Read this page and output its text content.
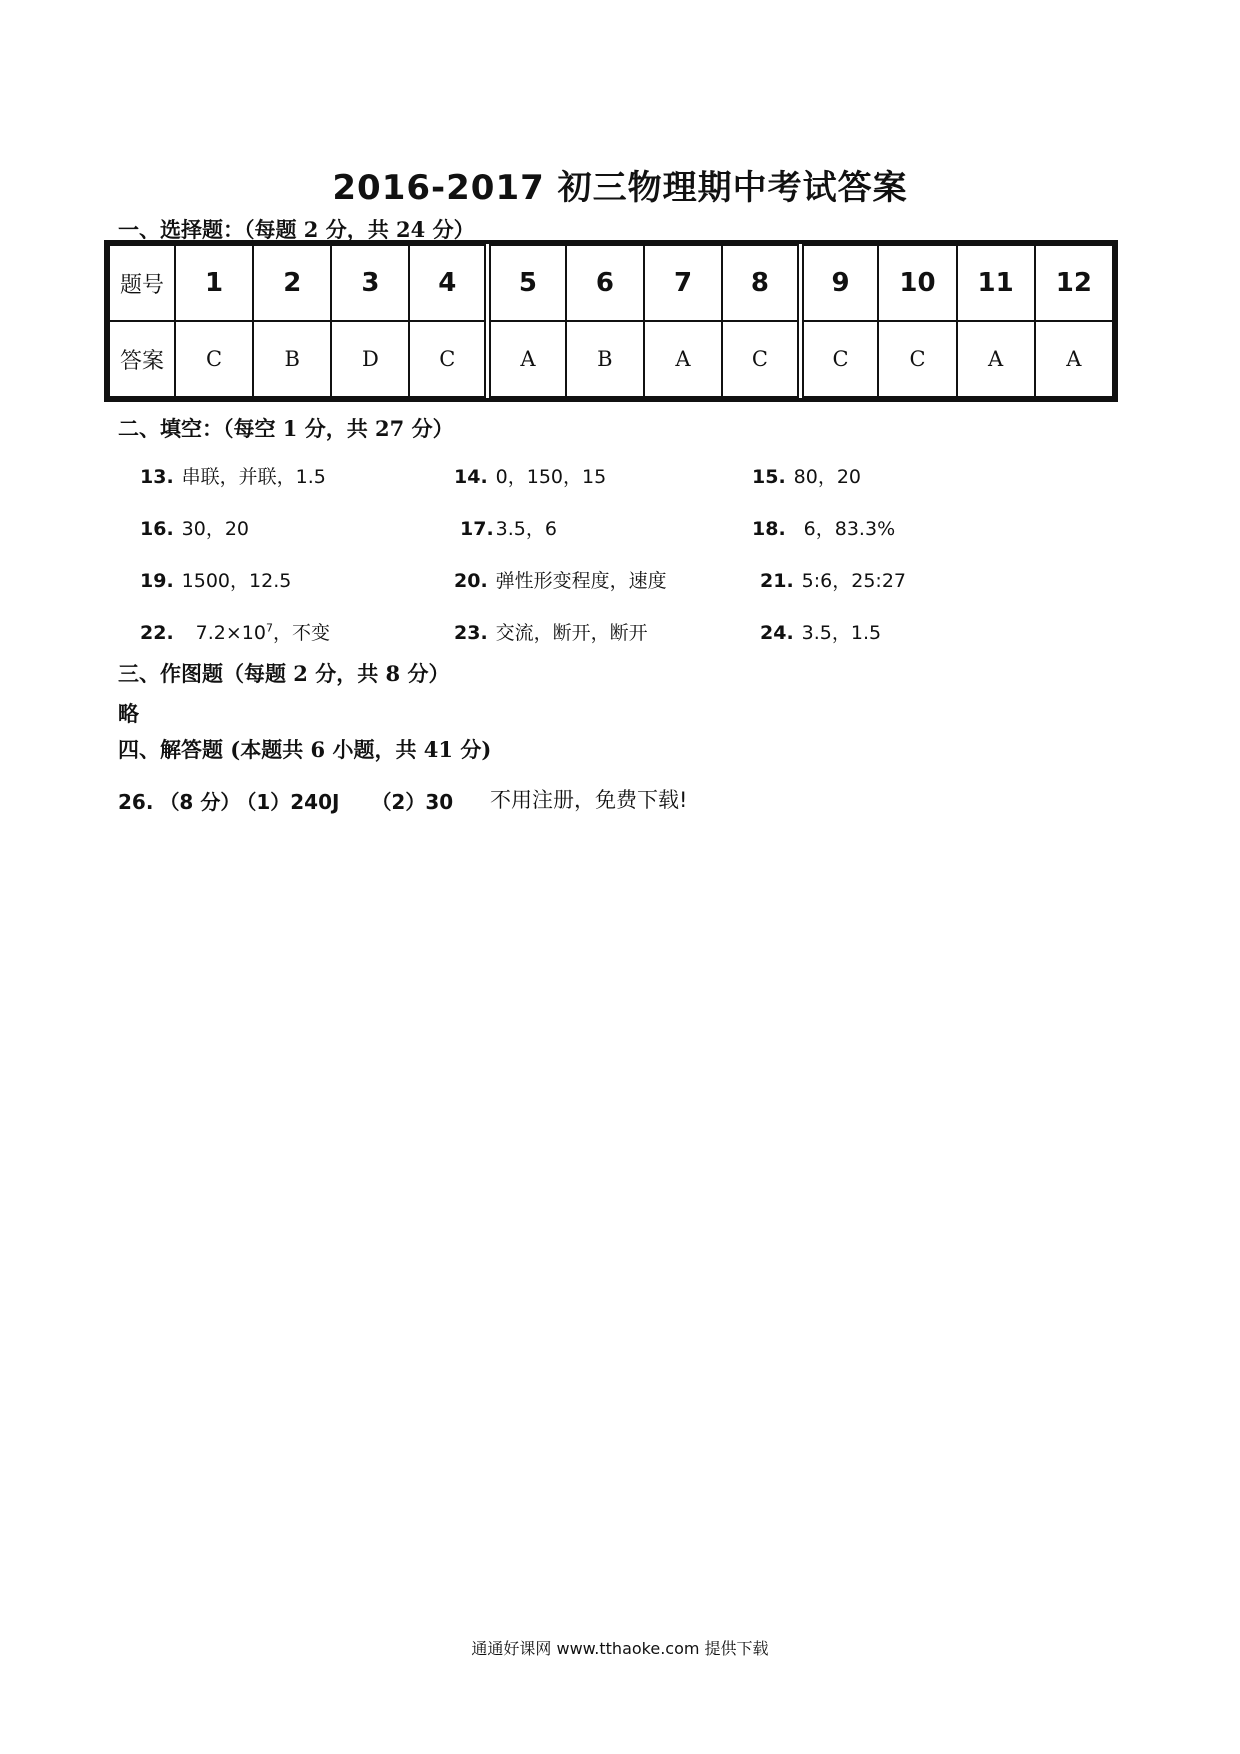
2016-2017 初三物理期中考试答案
一、选择题：（每题 2 分，共 24 分）
题号	1	2	3	4	5	6	7	8	9	10	11	12
答案	C	B	D	C	A	B	A	C	C	C	A	A
二、填空：（每空 1 分，共 27 分）
13. 串联，并联，1.5	14. 0，150，15	15. 80，20
16. 30，20	17. 3.5，6	18. 6，83.3%
19. 1500，12.5	20. 弹性形变程度，速度	21. 5:6，25:27
22. $7.2\times 10^7$，不变	23. 交流，断开，断开	24. 3.5，1.5
三、作图题（每题 2 分，共 8 分）
略
四、解答题 (本题共 6 小题，共 41 分)
26. （8 分） （1）240J （2）30 不用注册，免费下载!
通通好课网 www.tthaoke.com 提供下载
